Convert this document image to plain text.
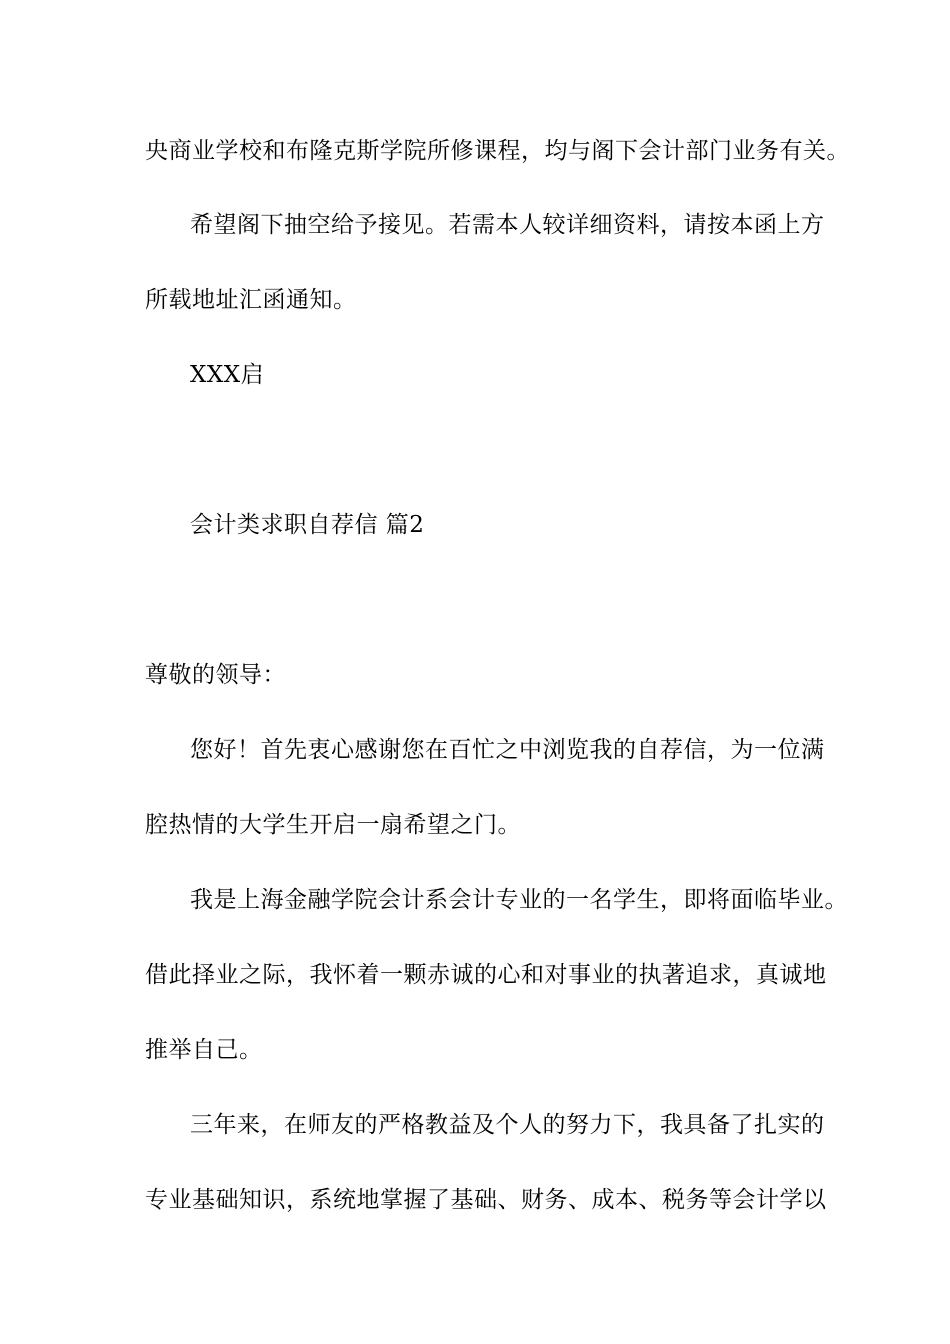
央商业学校和布隆克斯学院所修课程，均与阁下会计部门业务有关。
希望阁下抽空给予接见。若需本人较详细资料，请按本函上方
所载地址汇函通知。
XXX启
会计类求职自荐信 篇2
尊敬的领导：
您好！首先衷心感谢您在百忙之中浏览我的自荐信，为一位满
腔热情的大学生开启一扇希望之门。
我是上海金融学院会计系会计专业的一名学生，即将面临毕业。
借此择业之际，我怀着一颗赤诚的心和对事业的执著追求，真诚地
推举自己。
三年来，在师友的严格教益及个人的努力下，我具备了扎实的
专业基础知识，系统地掌握了基础、财务、成本、税务等会计学以
